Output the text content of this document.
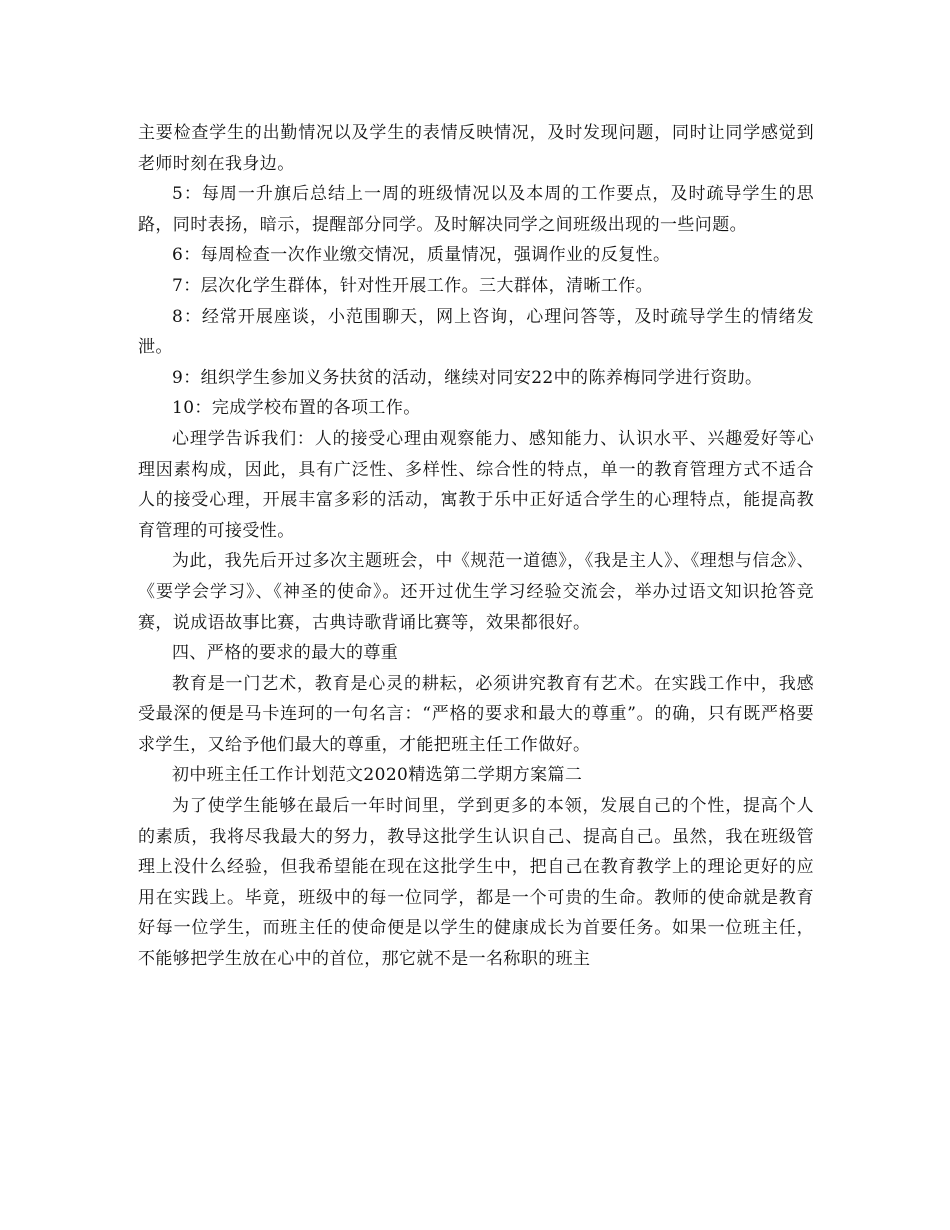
主要检查学生的出勤情况以及学生的表情反映情况，及时发现问题，同时让同学感觉到老师时刻在我身边。

5：每周一升旗后总结上一周的班级情况以及本周的工作要点，及时疏导学生的思路，同时表扬，暗示，提醒部分同学。及时解决同学之间班级出现的一些问题。

6：每周检查一次作业缴交情况，质量情况，强调作业的反复性。

7：层次化学生群体，针对性开展工作。三大群体，清晰工作。

8：经常开展座谈，小范围聊天，网上咨询，心理问答等，及时疏导学生的情绪发泄。

9：组织学生参加义务扶贫的活动，继续对同安22中的陈养梅同学进行资助。

10：完成学校布置的各项工作。

心理学告诉我们：人的接受心理由观察能力、感知能力、认识水平、兴趣爱好等心理因素构成，因此，具有广泛性、多样性、综合性的特点，单一的教育管理方式不适合人的接受心理，开展丰富多彩的活动，寓教于乐中正好适合学生的心理特点，能提高教育管理的可接受性。

为此，我先后开过多次主题班会，中《规范一道德》，《我是主人》、《理想与信念》、《要学会学习》、《神圣的使命》。还开过优生学习经验交流会，举办过语文知识抢答竞赛，说成语故事比赛，古典诗歌背诵比赛等，效果都很好。

四、严格的要求的最大的尊重

教育是一门艺术，教育是心灵的耕耘，必须讲究教育有艺术。在实践工作中，我感受最深的便是马卡连珂的一句名言：“严格的要求和最大的尊重”。的确，只有既严格要求学生，又给予他们最大的尊重，才能把班主任工作做好。

初中班主任工作计划范文2020精选第二学期方案篇二

为了使学生能够在最后一年时间里，学到更多的本领，发展自己的个性，提高个人的素质，我将尽我最大的努力，教导这批学生认识自己、提高自己。虽然，我在班级管理上没什么经验，但我希望能在现在这批学生中，把自己在教育教学上的理论更好的应用在实践上。毕竟，班级中的每一位同学，都是一个可贵的生命。教师的使命就是教育好每一位学生，而班主任的使命便是以学生的健康成长为首要任务。如果一位班主任，不能够把学生放在心中的首位，那它就不是一名称职的班主
